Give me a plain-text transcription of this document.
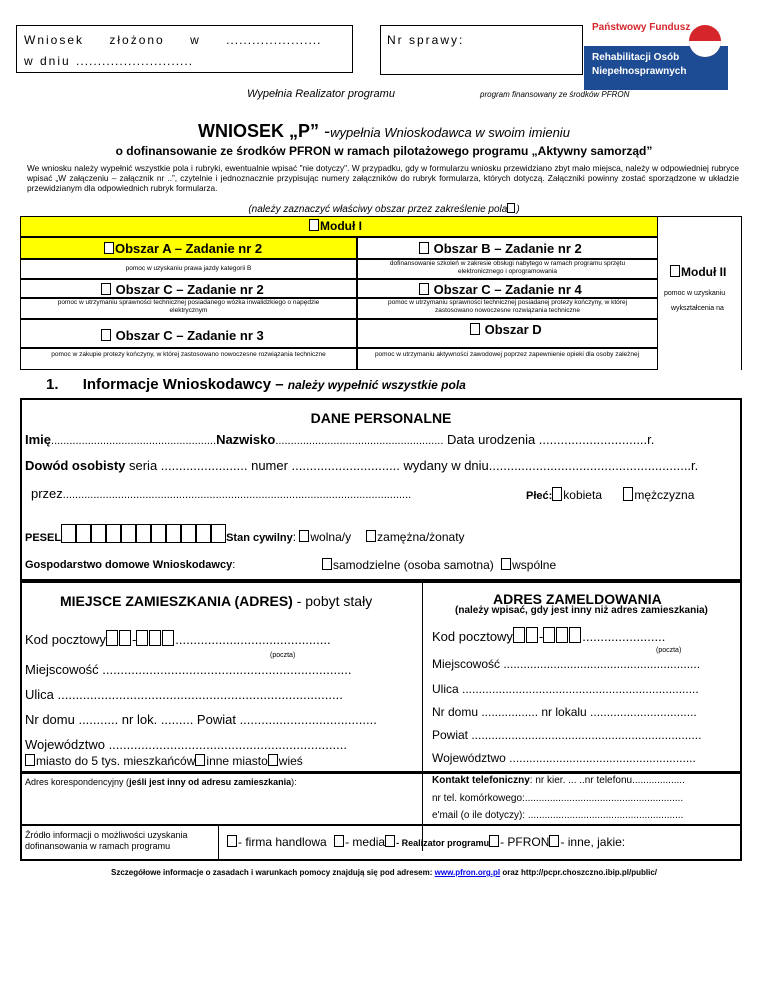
Wniosek złożono w ......................
w dniu ...........................
Nr sprawy:
Państwowy Fundusz
Rehabilitacji Osób
Niepełnosprawnych
Wypełnia Realizator programu	program finansowany ze środków PFRON
WNIOSEK „P” -wypełnia Wnioskodawca w swoim imieniu
o dofinansowanie ze środków PFRON w ramach pilotażowego programu „Aktywny samorząd”
We wniosku należy wypełnić wszystkie pola i rubryki, ewentualnie wpisać "nie dotyczy". W przypadku, gdy w formularzu wniosku przewidziano zbyt mało miejsca, należy w odpowiedniej rubryce wpisać „W załączeniu – załącznik nr ..”, czytelnie i jednoznacznie przypisując numery załączników do rubryk formularza, których dotyczą. Załączniki powinny zostać sporządzone w układzie przewidzianym dla odpowiednich rubryk formularza.
(należy zaznaczyć właściwy obszar przez zakreślenie pola )
Moduł I
Obszar A – Zadanie nr 2	Obszar B – Zadanie nr 2
pomoc w uzyskaniu prawa jazdy kategorii B
dofinansowanie szkoleń w zakresie obsługi nabytego w ramach programu sprzętu elektronicznego i oprogramowania
Obszar C – Zadanie nr 2	Obszar C – Zadanie nr 4
pomoc w utrzymaniu sprawności technicznej posiadanego wózka inwalidzkiego o napędzie elektrycznym
pomoc w utrzymaniu sprawności technicznej posiadanej protezy kończyny, w której zastosowano nowoczesne rozwiązania techniczne
Obszar C – Zadanie nr 3	Obszar D
pomoc w zakupie protezy kończyny, w której zastosowano nowoczesne rozwiązania techniczne	pomoc w utrzymaniu aktywności zawodowej poprzez zapewnienie opieki dla osoby zależnej
Moduł II
pomoc w uzyskaniu
wykształcenia na
1. Informacje Wnioskodawcy – należy wypełnić wszystkie pola
DANE PERSONALNE
Imię......................................................Nazwisko....................................................... Data urodzenia ..............................r.
Dowód osobisty seria ........................ numer .............................. wydany w dniu........................................................r.
przez..................................................................................................................	Płeć: kobieta	mężczyzna
PESEL	Stan cywilny: wolna/y zamężna/żonaty
Gospodarstwo domowe Wnioskodawcy:	samodzielne (osoba samotna) wspólne
MIEJSCE ZAMIESZKANIA (ADRES) - pobyt stały
Kod pocztowy -	...........................................
(poczta)
Miejscowość .....................................................................
Ulica ...............................................................................
Nr domu ........... nr lok. ......... Powiat ......................................
Województwo ..................................................................
miasto do 5 tys. mieszkańców inne miasto wieś
ADRES ZAMELDOWANIA
(należy wpisać, gdy jest inny niż adres zamieszkania)
Kod pocztowy -	.......................
(poczta)
Miejscowość ...........................................................
Ulica .......................................................................
Nr domu ................. nr lokalu ................................
Powiat .....................................................................
Województwo ........................................................
Adres korespondencyjny (jeśli jest inny od adresu zamieszkania):	Kontakt telefoniczny: nr kier. ... ..nr telefonu...................
nr tel. komórkowego:.........................................................
e'mail (o ile dotyczy): ........................................................
Źródło informacji o możliwości uzyskania dofinansowania w ramach programu	- firma handlowa - media - Realizator programu - PFRON - inne, jakie:
Szczegółowe informacje o zasadach i warunkach pomocy znajdują się pod adresem: www.pfron.org.pl oraz http://pcpr.choszczno.ibip.pl/public/
